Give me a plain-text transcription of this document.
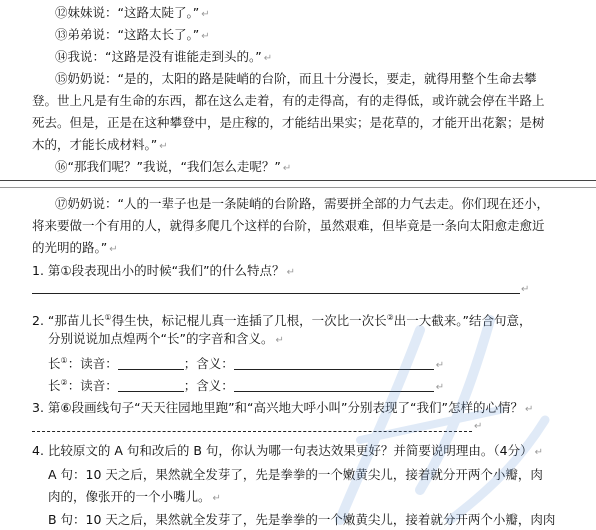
⑫妹妹说：“这路太陡了。” ↵
⑬弟弟说：“这路太长了。” ↵
⑭我说：“这路是没有谁能走到头的。” ↵
⑮奶奶说：“是的，太阳的路是陡峭的台阶，而且十分漫长，要走，就得用整个生命去攀
登。世上凡是有生命的东西，都在这么走着，有的走得高，有的走得低，或许就会停在半路上
死去。但是，正是在这种攀登中，是庄稼的，才能结出果实；是花草的，才能开出花絮；是树
木的，才能长成材料。” ↵
⑯“那我们呢？”我说，“我们怎么走呢？” ↵
⑰奶奶说：“人的一辈子也是一条陡峭的台阶路，需要拼全部的力气去走。你们现在还小，
将来要做一个有用的人，就得多爬几个这样的台阶，虽然艰难，但毕竟是一条向太阳愈走愈近
的光明的路。” ↵
1. 第①段表现出小的时候“我们”的什么特点？ ↵
↵
2. “那苗儿长①得生快，标记棍儿真一连插了几根，一次比一次长②出一大截来。”结合句意，
分别说说加点煌两个“长”的字音和含义。 ↵
长①：读音：	；含义：	↵
长②：读音：	；含义：	↵
3. 第⑥段画线句子“天天往园地里跑”和“高兴地大呼小叫”分别表现了“我们”怎样的心情？ ↵
↵
4. 比较原文的 A 句和改后的 B 句，你认为哪一句表达效果更好？并简要说明理由。（4分） ↵
A 句：10 天之后，果然就全发芽了，先是拳拳的一个嫩黄尖儿，接着就分开两个小瓣，肉
肉的，像张开的一个小嘴儿。 ↵
B 句：10 天之后，果然就全发芽了，先是拳拳的一个嫩黄尖儿，接着就分开两个小瓣，肉肉
